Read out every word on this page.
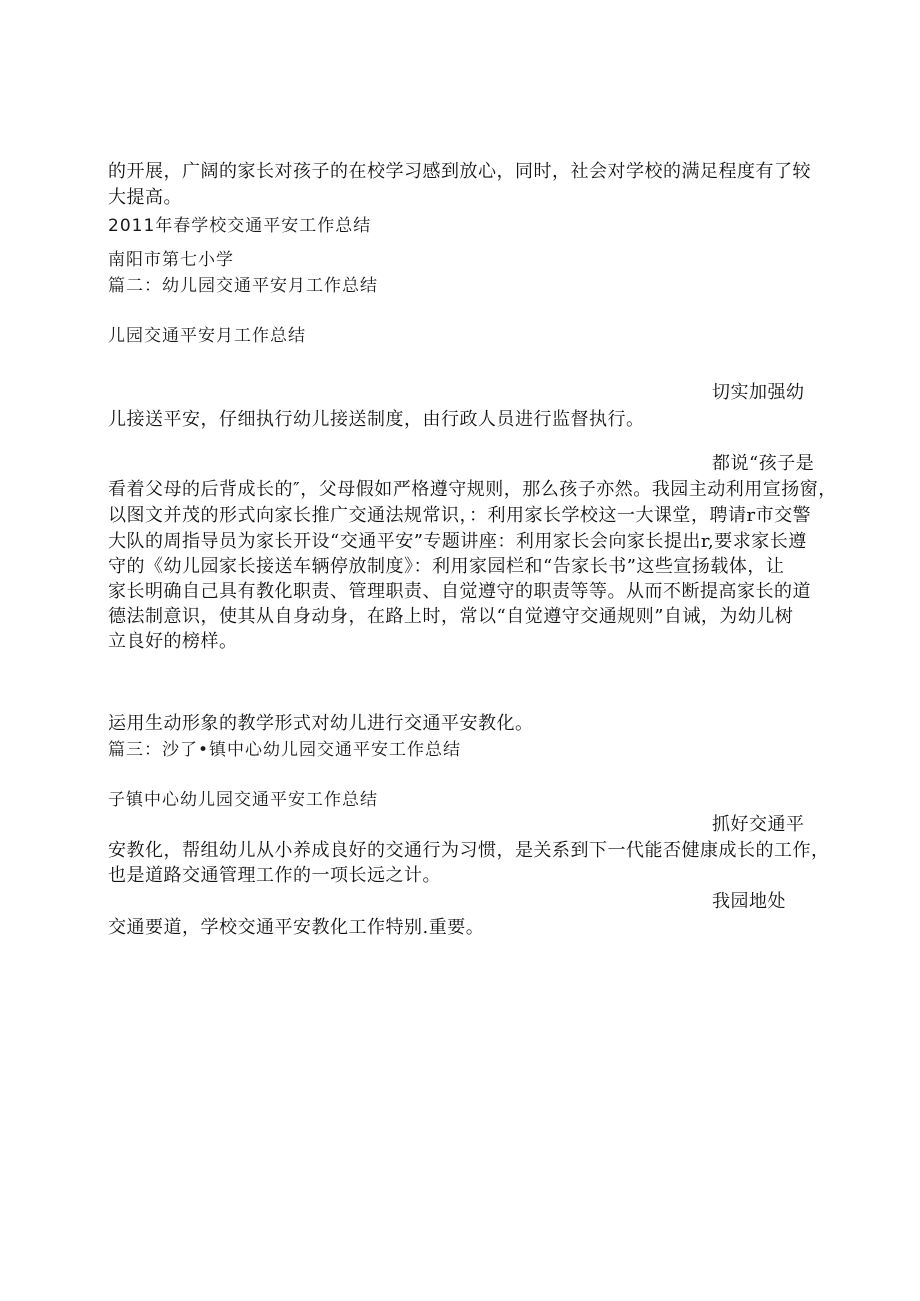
的开展，广阔的家长对孩子的在校学习感到放心，同时，社会对学校的满足程度有了较
大提高。
2011年春学校交通平安工作总结
南阳市第七小学
篇二：幼儿园交通平安月工作总结
儿园交通平安月工作总结
切实加强幼
儿接送平安，仔细执行幼儿接送制度，由行政人员进行监督执行。
都说“孩子是
看着父母的后背成长的″，父母假如严格遵守规则，那么孩子亦然。我园主动利用宣扬窗，
以图文并茂的形式向家长推广交通法规常识，：利用家长学校这一大课堂，聘请r市交警
大队的周指导员为家长开设“交通平安”专题讲座：利用家长会向家长提出r,要求家长遵
守的《幼儿园家长接送车辆停放制度》：利用家园栏和“告家长书”这些宣扬载体，让
家长明确自己具有教化职责、管理职责、自觉遵守的职责等等。从而不断提高家长的道
德法制意识，使其从自身动身，在路上时，常以“自觉遵守交通规则”自诫，为幼儿树
立良好的榜样。
运用生动形象的教学形式对幼儿进行交通平安教化。
篇三：沙了•镇中心幼儿园交通平安工作总结
子镇中心幼儿园交通平安工作总结
抓好交通平
安教化，帮组幼儿从小养成良好的交通行为习惯，是关系到下一代能否健康成长的工作，
也是道路交通管理工作的一项长远之计。
我园地处
交通要道，学校交通平安教化工作特别.重要。
